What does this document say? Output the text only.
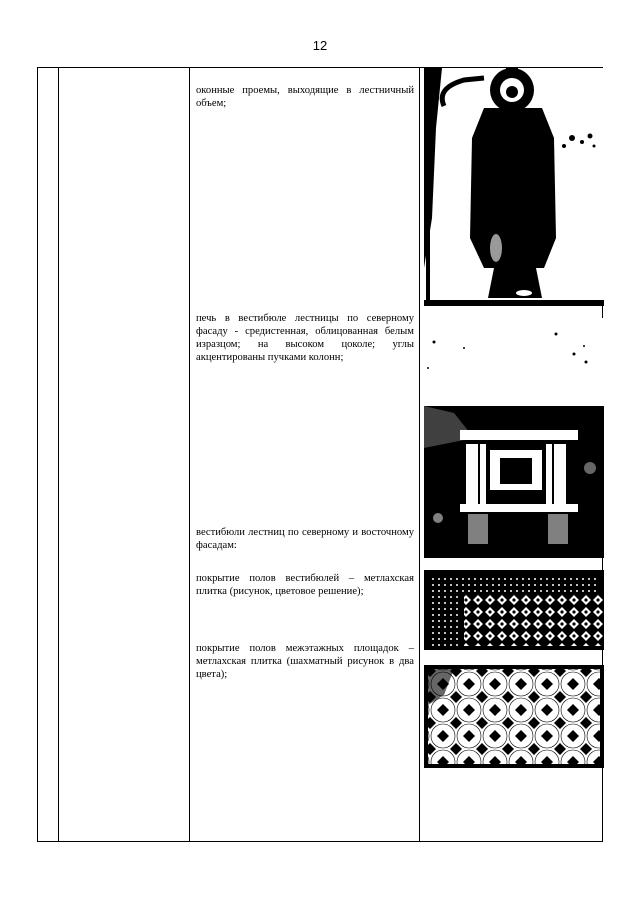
12
оконные проемы, выходящие в лестничный объем;
печь в вестибюле лестницы по северному фасаду - средистенная, облицованная белым изразцом; на высоком цоколе; углы акцентированы пучками колонн;
вестибюли лестниц по северному и восточному фасадам:
покрытие полов вестибюлей – метлахская плитка (рисунок, цветовое решение);
покрытие полов межэтажных площадок – метлахская плитка (шахматный рисунок в два цвета);
